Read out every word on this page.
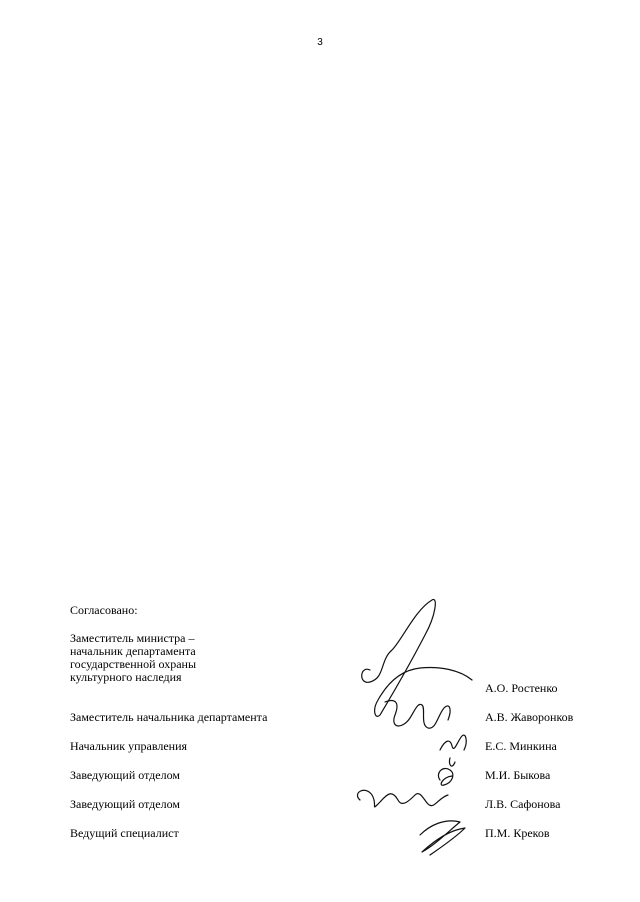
3
Согласовано:
Заместитель министра –
начальник департамента
государственной охраны
культурного наследия
А.О. Ростенко
Заместитель начальника департамента	А.В. Жаворонков
Начальник управления	Е.С. Минкина
Заведующий отделом	М.И. Быкова
Заведующий отделом	Л.В. Сафонова
Ведущий специалист	П.М. Креков
